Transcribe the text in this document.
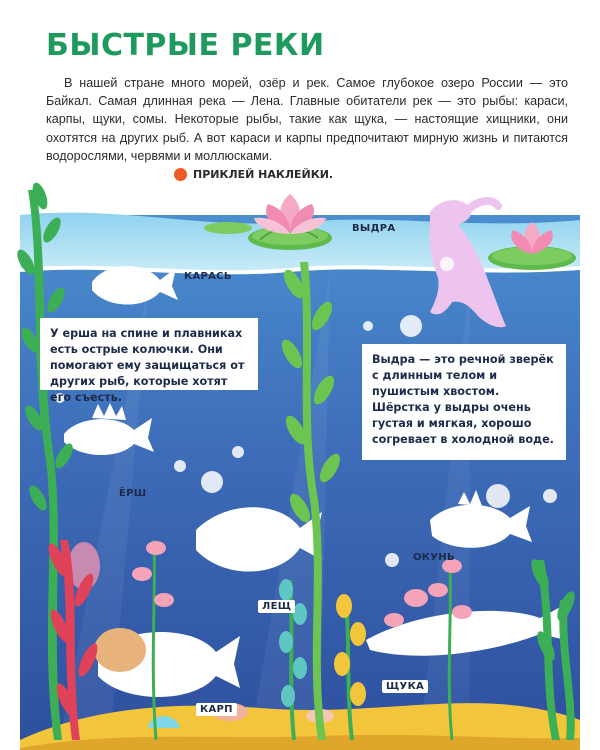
БЫСТРЫЕ РЕКИ

В нашей стране много морей, озёр и рек. Самое глубокое озеро России — это Байкал. Самая длинная река — Лена. Главные обитатели рек — это рыбы: караси, карпы, щуки, сомы. Некоторые рыбы, такие как щука, — настоящие хищники, они охотятся на других рыб. А вот караси и карпы предпочитают мирную жизнь и питаются водорослями, червями и моллюсками.

ПРИКЛЕЙ НАКЛЕЙКИ.
ВЫДРА
КАРАСЬ
ЁРШ
ОКУНЬ
ЛЕЩ
ЩУКА
КАРП
У ерша на спине и плавниках есть острые колючки. Они помогают ему защищаться от других рыб, которые хотят его съесть.
Выдра — это речной зверёк с длинным телом и пушистым хвостом. Шёрстка у выдры очень густая и мягкая, хорошо согревает в холодной воде.
